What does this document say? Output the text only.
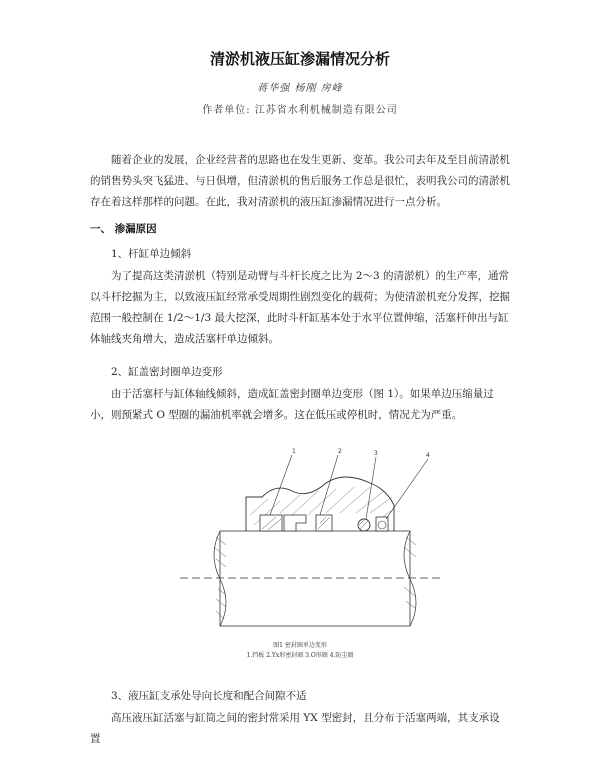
清淤机液压缸渗漏情况分析
蒋华强 杨刚 房峰
作者单位: 江苏省水利机械制造有限公司
随着企业的发展，企业经营者的思路也在发生更新、变革。我公司去年及至目前清淤机的销售势头突飞猛进、与日俱增，但清淤机的售后服务工作总是很忙，表明我公司的清淤机存在着这样那样的问题。在此，我对清淤机的液压缸渗漏情况进行一点分析。
一、 渗漏原因
1、杆缸单边倾斜
为了提高这类清淤机（特别是动臂与斗杆长度之比为 2～3 的清淤机）的生产率，通常以斗杆挖掘为主，以致液压缸经常承受周期性剧烈变化的载荷；为使清淤机充分发挥，挖掘范围一般控制在 1/2～1/3 最大挖深，此时斗杆缸基本处于水平位置伸缩，活塞杆伸出与缸体轴线夹角增大，造成活塞杆单边倾斜。
2、缸盖密封圈单边变形
由于活塞杆与缸体轴线倾斜，造成缸盖密封圈单边变形（图 1）。如果单边压缩量过小，则预紧式 O 型圈的漏油机率就会增多。这在低压或停机时，情况尤为严重。
1	2	3	4
图1 密封圈单边变形
1.挡板 2.Yx形密封圈 3.O形圈 4.防尘圈
3、液压缸支承处导向长度和配合间隙不适
高压液压缸活塞与缸筒之间的密封常采用 YX 型密封，且分布于活塞两端，其支承设置
